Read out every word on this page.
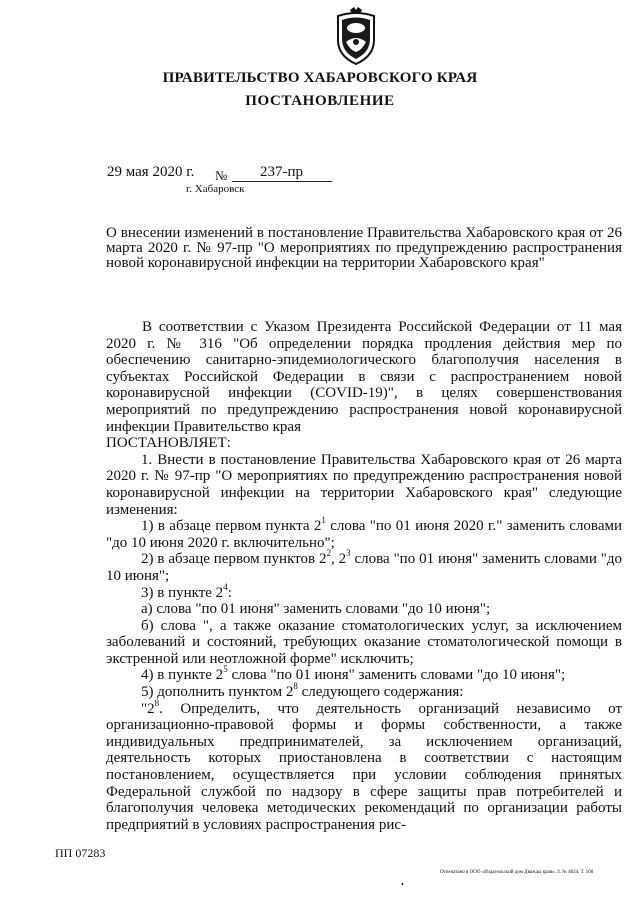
ПРАВИТЕЛЬСТВО ХАБАРОВСКОГО КРАЯ
ПОСТАНОВЛЕНИЕ
29 мая 2020 г. № 237-пр
г. Хабаровск
О внесении изменений в постановление Правительства Хабаровского края от 26 марта 2020 г. № 97-пр "О мероприятиях по предупреждению распространения новой коронавирусной инфекции на территории Хабаровского края"

В соответствии с Указом Президента Российской Федерации от 11 мая 2020 г. № 316 "Об определении порядка продления действия мер по обеспечению санитарно-эпидемиологического благополучия населения в субъектах Российской Федерации в связи с распространением новой коронавирусной инфекции (COVID-19)", в целях совершенствования мероприятий по предупреждению распространения новой коронавирусной инфекции Правительство края

ПОСТАНОВЛЯЕТ:

1. Внести в постановление Правительства Хабаровского края от 26 марта 2020 г. № 97-пр "О мероприятиях по предупреждению распространения новой коронавирусной инфекции на территории Хабаровского края" следующие изменения:

1) в абзаце первом пункта $2^1$ слова "по 01 июня 2020 г." заменить словами "до 10 июня 2020 г. включительно";

2) в абзаце первом пунктов $2^2$, $2^3$ слова "по 01 июня" заменить словами "до 10 июня";

3) в пункте $2^4$:

а) слова "по 01 июня" заменить словами "до 10 июня";

б) слова ", а также оказание стоматологических услуг, за исключением заболеваний и состояний, требующих оказание стоматологической помощи в экстренной или неотложной форме" исключить;

4) в пункте $2^5$ слова "по 01 июня" заменить словами "до 10 июня";

5) дополнить пунктом $2^8$ следующего содержания:

"$2^8$. Определить, что деятельность организаций независимо от организационно-правовой формы и формы собственности, а также индивидуальных предпринимателей, за исключением организаций, деятельность которых приостановлена в соответствии с настоящим постановлением, осуществляется при условии соблюдения принятых Федеральной службой по надзору в сфере защиты прав потребителей и благополучия человека методических рекомендаций по организации работы предприятий в условиях распространения рис-

ПП 07283
Отпечатано в ООО «Издательский дом Дважды края». З. № 4624. Т. 500
•
